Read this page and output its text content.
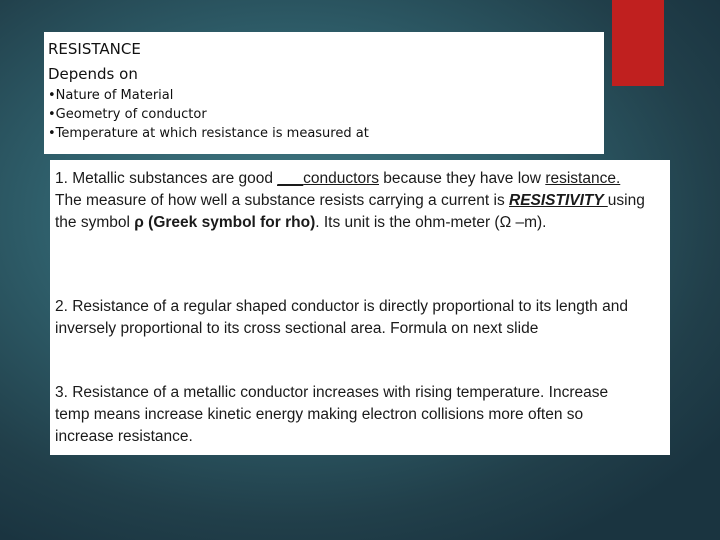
RESISTANCE
Depends on
•Nature of Material
•Geometry of conductor
•Temperature at which resistance is measured at

1. Metallic substances are good ___conductors because they have low resistance.
The measure of how well a substance resists carrying a current is RESISTIVITY using the symbol ρ (Greek symbol for rho). Its unit is the ohm-meter (Ω –m).

2. Resistance of a regular shaped conductor is directly proportional to its length and inversely proportional to its cross sectional area. Formula on next slide

3. Resistance of a metallic conductor increases with rising temperature. Increase temp means increase kinetic energy making electron collisions more often so increase resistance.
